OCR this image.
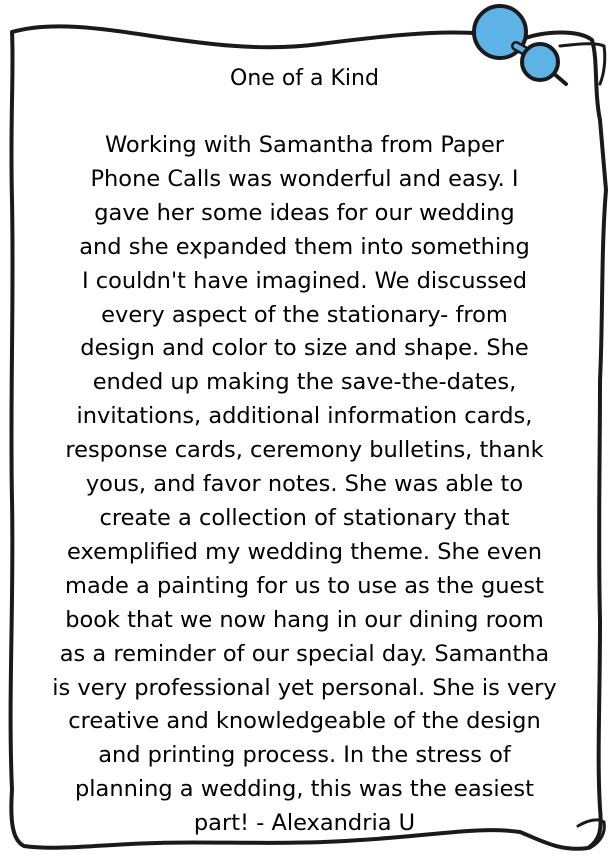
One of a Kind

Working with Samantha from Paper
Phone Calls was wonderful and easy. I
gave her some ideas for our wedding
and she expanded them into something
I couldn't have imagined. We discussed
every aspect of the stationary- from
design and color to size and shape. She
ended up making the save-the-dates,
invitations, additional information cards,
response cards, ceremony bulletins, thank
yous, and favor notes. She was able to
create a collection of stationary that
exemplified my wedding theme. She even
made a painting for us to use as the guest
book that we now hang in our dining room
as a reminder of our special day. Samantha
is very professional yet personal. She is very
creative and knowledgeable of the design
and printing process. In the stress of
planning a wedding, this was the easiest
part! - Alexandria U
